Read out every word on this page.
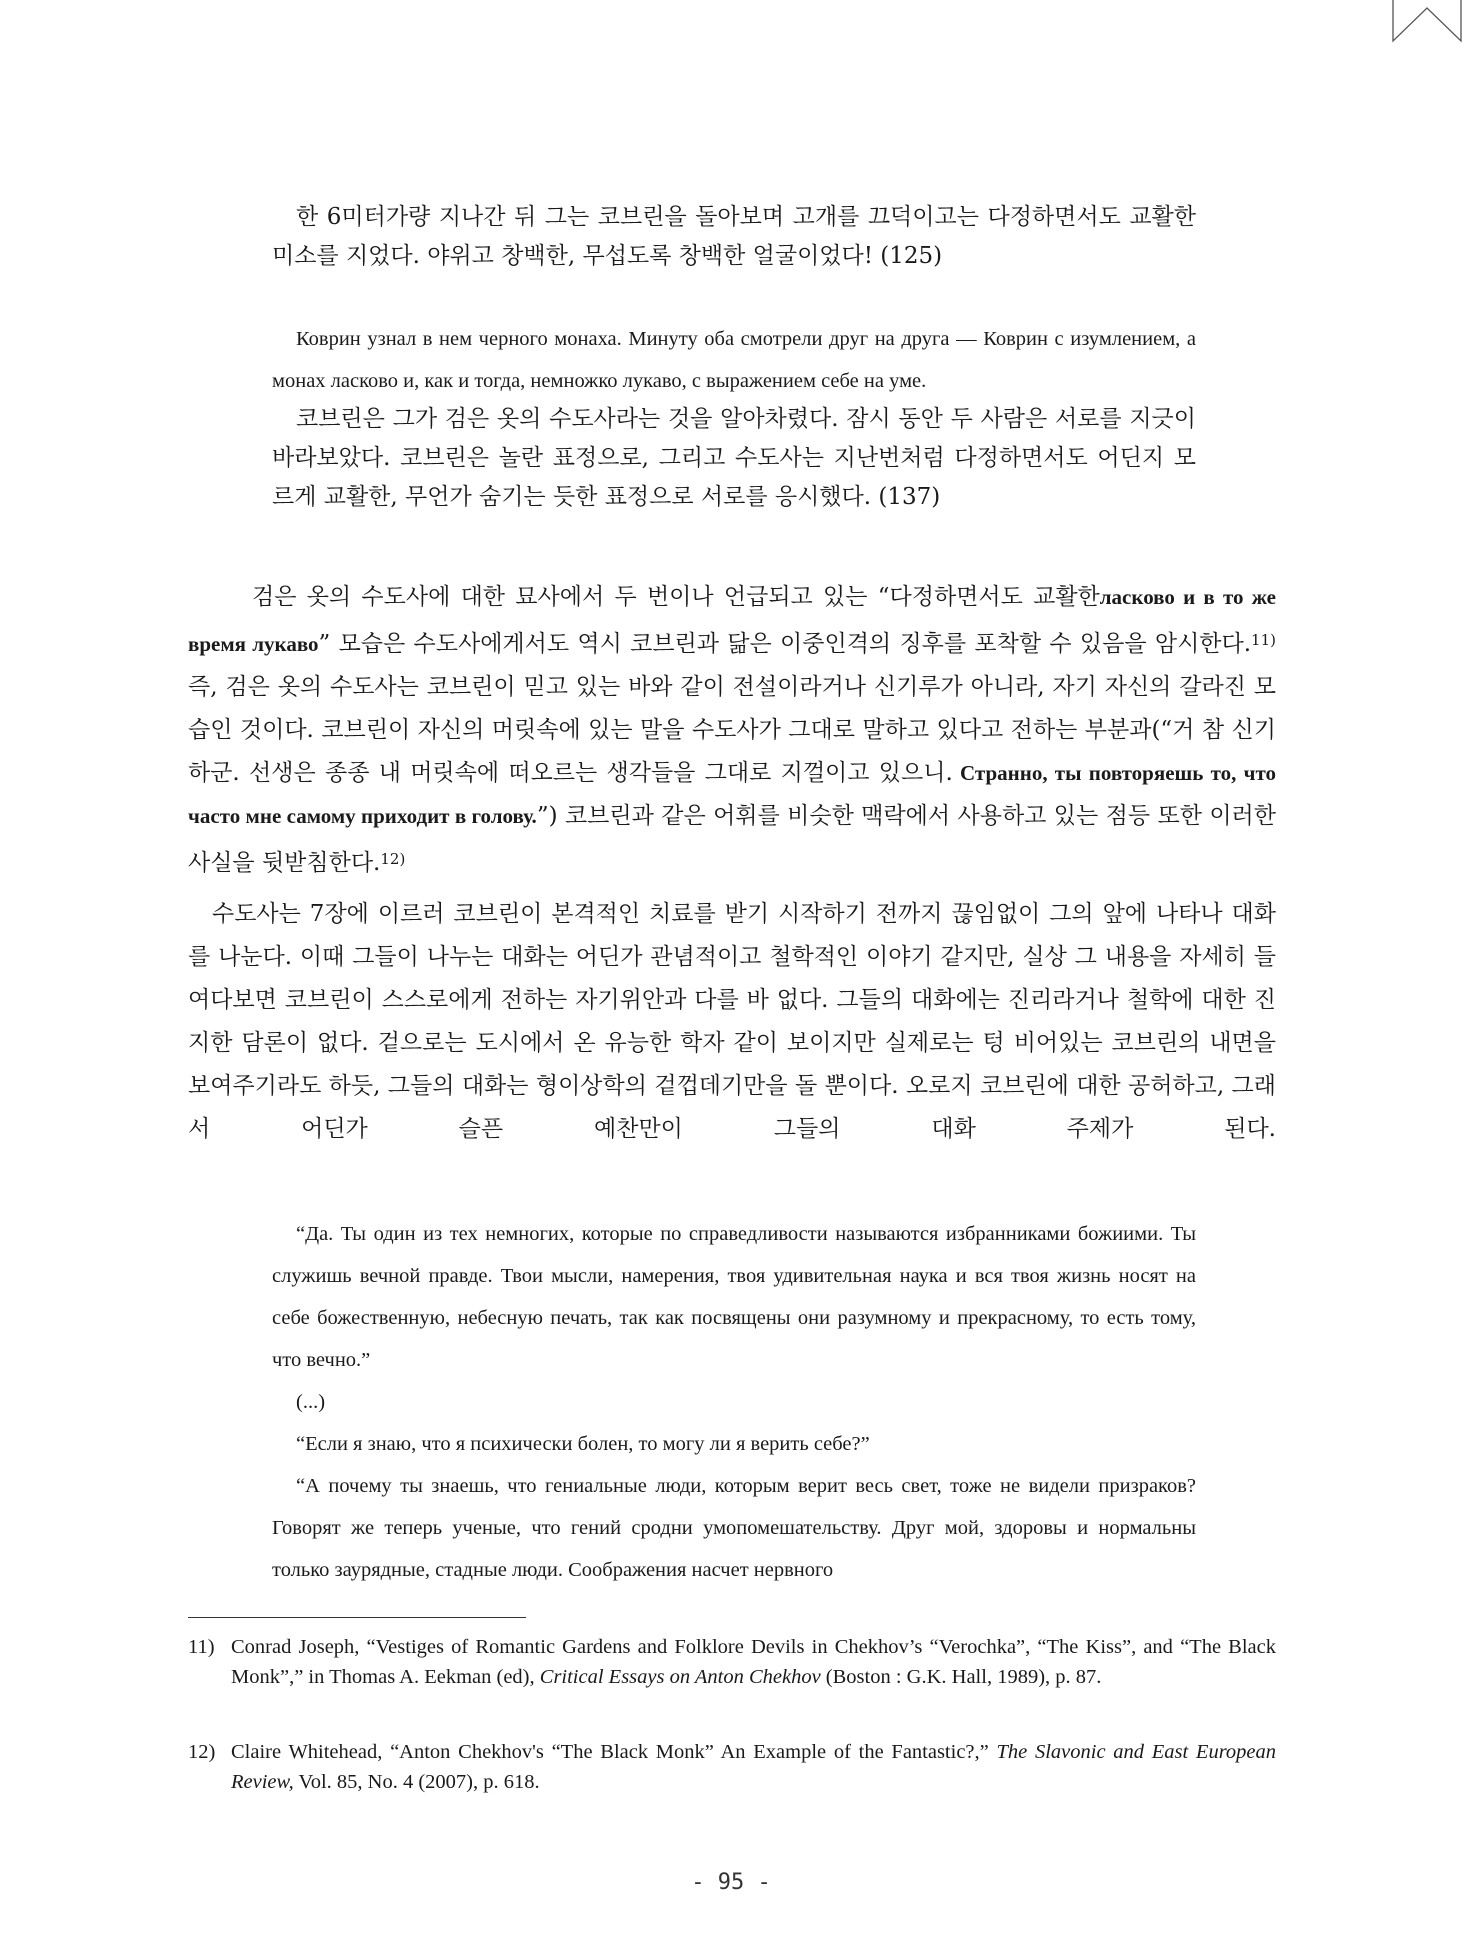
한 6미터가량 지나간 뒤 그는 코브린을 돌아보며 고개를 끄덕이고는 다정하면서도 교활한 미소를 지었다. 야위고 창백한, 무섭도록 창백한 얼굴이었다! (125)

Коврин узнал в нем черного монаха. Минуту оба смотрели друг на друга — Коврин с изумлением, а монах ласково и, как и тогда, немножко лукаво, с выражением себе на уме.

코브린은 그가 검은 옷의 수도사라는 것을 알아차렸다. 잠시 동안 두 사람은 서로를 지긋이 바라보았다. 코브린은 놀란 표정으로, 그리고 수도사는 지난번처럼 다정하면서도 어딘지 모르게 교활한, 무언가 숨기는 듯한 표정으로 서로를 응시했다. (137)

검은 옷의 수도사에 대한 묘사에서 두 번이나 언급되고 있는 “다정하면서도 교활한ласково и в то же время лукаво” 모습은 수도사에게서도 역시 코브린과 닮은 이중인격의 징후를 포착할 수 있음을 암시한다.$^{11)}$ 즉, 검은 옷의 수도사는 코브린이 믿고 있는 바와 같이 전설이라거나 신기루가 아니라, 자기 자신의 갈라진 모습인 것이다. 코브린이 자신의 머릿속에 있는 말을 수도사가 그대로 말하고 있다고 전하는 부분과(“거 참 신기하군. 선생은 종종 내 머릿속에 떠오르는 생각들을 그대로 지껄이고 있으니. Странно, ты повторяешь то, что часто мне самому приходит в голову.”) 코브린과 같은 어휘를 비슷한 맥락에서 사용하고 있는 점등 또한 이러한 사실을 뒷받침한다.$^{12)}$

수도사는 7장에 이르러 코브린이 본격적인 치료를 받기 시작하기 전까지 끊임없이 그의 앞에 나타나 대화를 나눈다. 이때 그들이 나누는 대화는 어딘가 관념적이고 철학적인 이야기 같지만, 실상 그 내용을 자세히 들여다보면 코브린이 스스로에게 전하는 자기위안과 다를 바 없다. 그들의 대화에는 진리라거나 철학에 대한 진지한 담론이 없다. 겉으로는 도시에서 온 유능한 학자 같이 보이지만 실제로는 텅 비어있는 코브린의 내면을 보여주기라도 하듯, 그들의 대화는 형이상학의 겉껍데기만을 돌 뿐이다. 오로지 코브린에 대한 공허하고, 그래서 어딘가 슬픈 예찬만이 그들의 대화 주제가 된다.

“Да. Ты один из тех немногих, которые по справедливости называются избранниками божиими. Ты служишь вечной правде. Твои мысли, намерения, твоя удивительная наука и вся твоя жизнь носят на себе божественную, небесную печать, так как посвящены они разумному и прекрасному, то есть тому, что вечно.”

(...)

“Если я знаю, что я психически болен, то могу ли я верить себе?”

“А почему ты знаешь, что гениальные люди, которым верит весь свет, тоже не видели призраков? Говорят же теперь ученые, что гений сродни умопомешательству. Друг мой, здоровы и нормальны только заурядные, стадные люди. Соображения насчет нервного

11) Conrad Joseph, “Vestiges of Romantic Gardens and Folklore Devils in Chekhov’s “Verochka”, “The Kiss”, and “The Black Monk”,” in Thomas A. Eekman (ed), Critical Essays on Anton Chekhov (Boston : G.K. Hall, 1989), p. 87.
12) Claire Whitehead, “Anton Chekhov's “The Black Monk” An Example of the Fantastic?,” The Slavonic and East European Review, Vol. 85, No. 4 (2007), p. 618.
- 95 -
